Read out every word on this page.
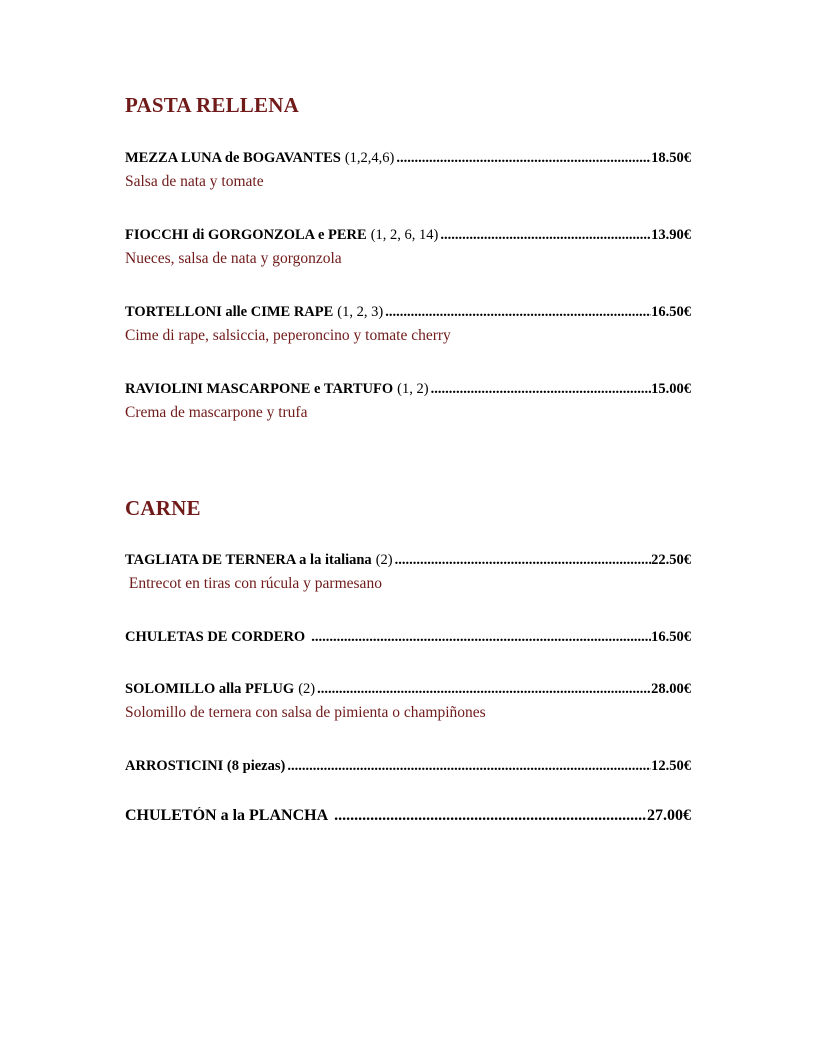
PASTA RELLENA
MEZZA LUNA de BOGAVANTES (1,2,4,6) .....	18.50€
Salsa de nata y tomate
FIOCCHI di GORGONZOLA e PERE (1, 2, 6, 14) .....	13.90€
Nueces, salsa de nata y gorgonzola
TORTELLONI alle CIME RAPE (1, 2, 3) .....	16.50€
Cime di rape, salsiccia, peperoncino y tomate cherry
RAVIOLINI MASCARPONE e TARTUFO (1, 2) .....	15.00€
Crema de mascarpone y trufa
CARNE
TAGLIATA DE TERNERA a la italiana (2) .....	22.50€
Entrecot en tiras con rúcula y parmesano
CHULETAS DE CORDERO .....	16.50€
SOLOMILLO alla PFLUG (2) .....	28.00€
Solomillo de ternera con salsa de pimienta o champiñones
ARROSTICINI (8 piezas) .....	12.50€
CHULETÓN a la PLANCHA .....	27.00€
